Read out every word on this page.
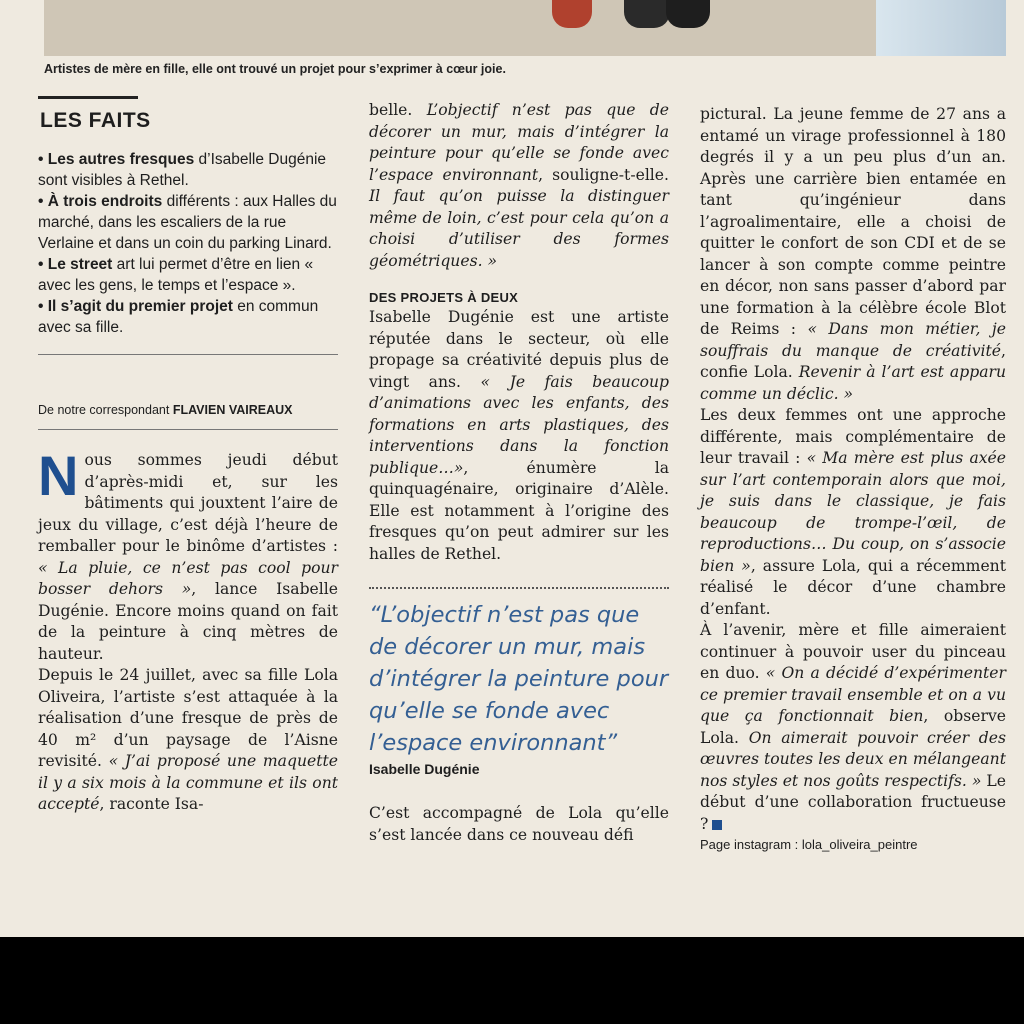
Artistes de mère en fille, elle ont trouvé un projet pour s’exprimer à cœur joie.
LES FAITS

• Les autres fresques d’Isabelle Dugénie sont visibles à Rethel.

• À trois endroits différents : aux Halles du marché, dans les escaliers de la rue Verlaine et dans un coin du parking Linard.

• Le street art lui permet d’être en lien « avec les gens, le temps et l’espace ».

• Il s’agit du premier projet en commun avec sa fille.

De notre correspondant FLAVIEN VAIREAUX

Nous sommes jeudi début d’après-midi et, sur les bâtiments qui jouxtent l’aire de jeux du village, c’est déjà l’heure de remballer pour le binôme d’artistes : « La pluie, ce n’est pas cool pour bosser dehors », lance Isabelle Dugénie. Encore moins quand on fait de la peinture à cinq mètres de hauteur.

Depuis le 24 juillet, avec sa fille Lola Oliveira, l’artiste s’est attaquée à la réalisation d’une fresque de près de 40 m² d’un paysage de l’Aisne revisité. « J’ai proposé une maquette il y a six mois à la commune et ils ont accepté, raconte Isa-

belle. L’objectif n’est pas que de décorer un mur, mais d’intégrer la peinture pour qu’elle se fonde avec l’espace environnant, souligne-t-elle. Il faut qu’on puisse la distinguer même de loin, c’est pour cela qu’on a choisi d’utiliser des formes géométriques. »

DES PROJETS À DEUX

Isabelle Dugénie est une artiste réputée dans le secteur, où elle propage sa créativité depuis plus de vingt ans. « Je fais beaucoup d’animations avec les enfants, des formations en arts plastiques, des interventions dans la fonction publique…», énumère la quinquagénaire, originaire d’Alèle. Elle est notamment à l’origine des fresques qu’on peut admirer sur les halles de Rethel.

“L’objectif n’est pas que de décorer un mur, mais d’intégrer la peinture pour qu’elle se fonde avec l’espace environnant”

Isabelle Dugénie

C’est accompagné de Lola qu’elle s’est lancée dans ce nouveau défi

pictural. La jeune femme de 27 ans a entamé un virage professionnel à 180 degrés il y a un peu plus d’un an. Après une carrière bien entamée en tant qu’ingénieur dans l’agroalimentaire, elle a choisi de quitter le confort de son CDI et de se lancer à son compte comme peintre en décor, non sans passer d’abord par une formation à la célèbre école Blot de Reims : « Dans mon métier, je souffrais du manque de créativité, confie Lola. Revenir à l’art est apparu comme un déclic. »

Les deux femmes ont une approche différente, mais complémentaire de leur travail : « Ma mère est plus axée sur l’art contemporain alors que moi, je suis dans le classique, je fais beaucoup de trompe-l’œil, de reproductions… Du coup, on s’associe bien », assure Lola, qui a récemment réalisé le décor d’une chambre d’enfant.

À l’avenir, mère et fille aimeraient continuer à pouvoir user du pinceau en duo. « On a décidé d’expérimenter ce premier travail ensemble et on a vu que ça fonctionnait bien, observe Lola. On aimerait pouvoir créer des œuvres toutes les deux en mélangeant nos styles et nos goûts respectifs. » Le début d’une collaboration fructueuse ?

Page instagram : lola_oliveira_peintre
